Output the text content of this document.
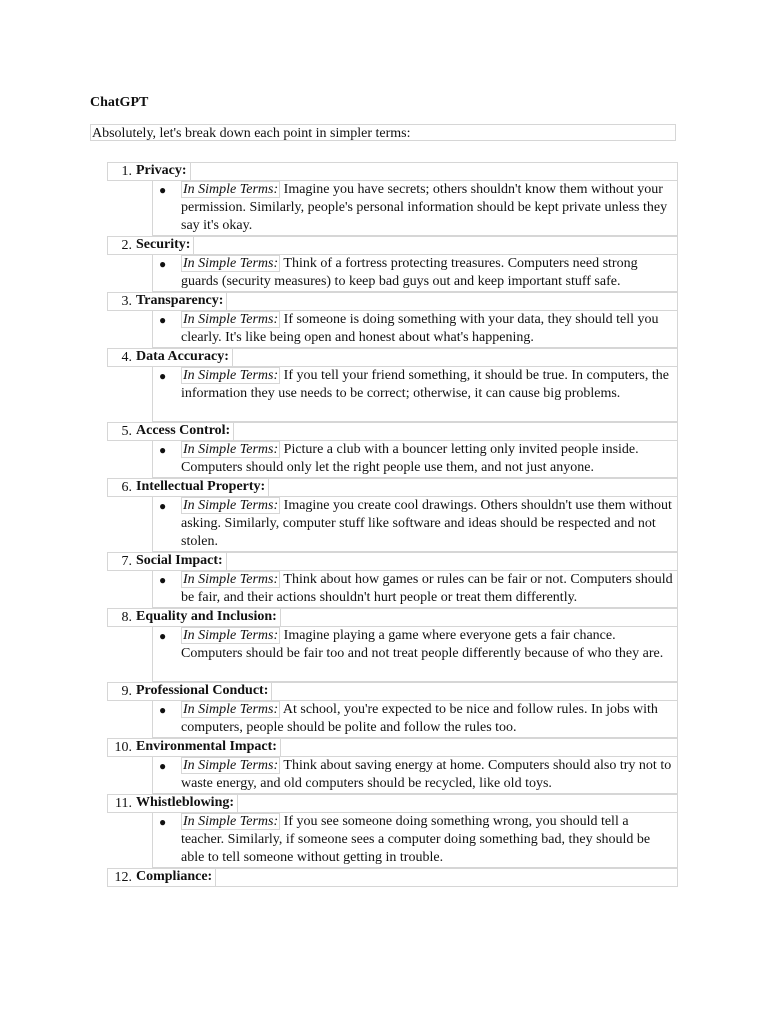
ChatGPT
Absolutely, let's break down each point in simpler terms:
1. Privacy:
● In Simple Terms: Imagine you have secrets; others shouldn't know them without your permission. Similarly, people's personal information should be kept private unless they say it's okay.
2. Security:
● In Simple Terms: Think of a fortress protecting treasures. Computers need strong guards (security measures) to keep bad guys out and keep important stuff safe.
3. Transparency:
● In Simple Terms: If someone is doing something with your data, they should tell you clearly. It's like being open and honest about what's happening.
4. Data Accuracy:
● In Simple Terms: If you tell your friend something, it should be true. In computers, the information they use needs to be correct; otherwise, it can cause big problems.
5. Access Control:
● In Simple Terms: Picture a club with a bouncer letting only invited people inside. Computers should only let the right people use them, and not just anyone.
6. Intellectual Property:
● In Simple Terms: Imagine you create cool drawings. Others shouldn't use them without asking. Similarly, computer stuff like software and ideas should be respected and not stolen.
7. Social Impact:
● In Simple Terms: Think about how games or rules can be fair or not. Computers should be fair, and their actions shouldn't hurt people or treat them differently.
8. Equality and Inclusion:
● In Simple Terms: Imagine playing a game where everyone gets a fair chance. Computers should be fair too and not treat people differently because of who they are.
9. Professional Conduct:
● In Simple Terms: At school, you're expected to be nice and follow rules. In jobs with computers, people should be polite and follow the rules too.
10. Environmental Impact:
● In Simple Terms: Think about saving energy at home. Computers should also try not to waste energy, and old computers should be recycled, like old toys.
11. Whistleblowing:
● In Simple Terms: If you see someone doing something wrong, you should tell a teacher. Similarly, if someone sees a computer doing something bad, they should be able to tell someone without getting in trouble.
12. Compliance:
